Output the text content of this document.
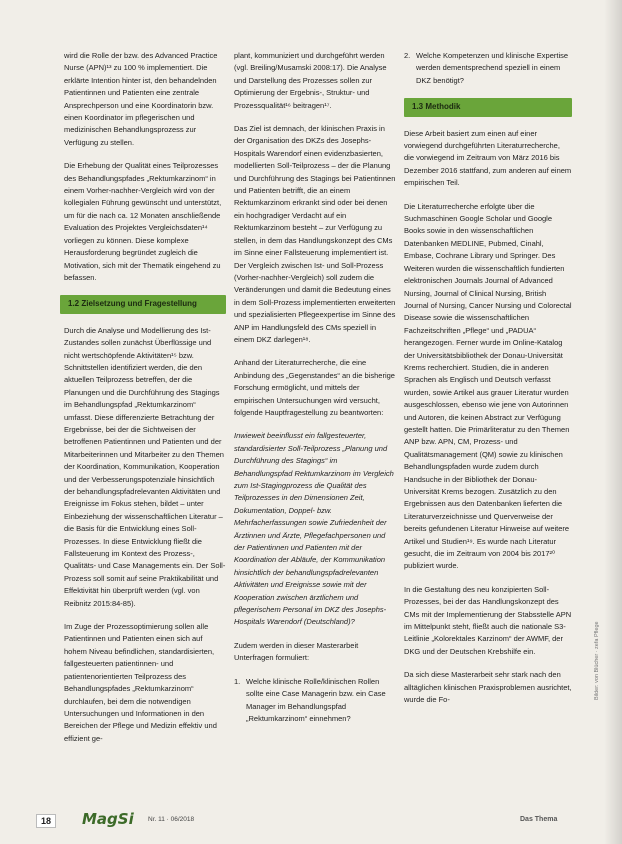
wird die Rolle der bzw. des Advanced Practice Nurse (APN)¹³ zu 100 % implementiert. Die erklärte Intention hinter ist, den behandelnden Patientinnen und Patienten eine zentrale Ansprechperson und eine Koordinatorin bzw. einen Koordinator im pflegerischen und medizinischen Behandlungsprozess zur Verfügung zu stellen.

Die Erhebung der Qualität eines Teilprozesses des Behandlungspfades „Rektumkarzinom“ in einem Vorher-nachher-Vergleich wird von der kollegialen Führung gewünscht und unterstützt, um für die nach ca. 12 Monaten anschließende Evaluation des Projektes Vergleichsdaten¹⁴ vorliegen zu können. Diese komplexe Herausforderung begründet zugleich die Motivation, sich mit der Thematik eingehend zu befassen.

1.2 Zielsetzung und Fragestellung

Durch die Analyse und Modellierung des Ist-Zustandes sollen zunächst Überflüssige und nicht wertschöpfende Aktivitäten¹⁵ bzw. Schnittstellen identifiziert werden, die den aktuellen Teilprozess betreffen, der die Planungen und die Durchführung des Stagings im Behandlungspfad „Rektumkarzinom“ umfasst. Diese differenzierte Betrachtung der Ergebnisse, bei der die Sichtweisen der betroffenen Patientinnen und Patienten und der Mitarbeiterinnen und Mitarbeiter zu den Themen der Koordination, Kommunikation, Kooperation und der Verbesserungspotenziale hinsichtlich der behandlungspfadrelevanten Aktivitäten und Ereignisse im Fokus stehen, bildet – unter Einbeziehung der wissenschaftlichen Literatur – die Basis für die Entwicklung eines Soll-Prozesses. In diese Entwicklung fließt die Fallsteuerung im Kontext des Prozess-, Qualitäts- und Case Managements ein. Der Soll-Prozess soll somit auf seine Praktikabilität und Effektivität hin überprüft werden (vgl. von Reibnitz 2015:84-85).

Im Zuge der Prozessoptimierung sollen alle Patientinnen und Patienten einen sich auf hohem Niveau befindlichen, standardisierten, fallgesteuerten patientinnen- und patientenorientierten Teilprozess des Behandlungspfades „Rektumkarzinom“ durchlaufen, bei dem die notwendigen Untersuchungen und Informationen in den Bereichen der Pflege und Medizin effektiv und effizient ge-

plant, kommuniziert und durchgeführt werden (vgl. Breiling/Musamski 2008:17). Die Analyse und Darstellung des Prozesses sollen zur Optimierung der Ergebnis-, Struktur- und Prozessqualität¹⁶ beitragen¹⁷.

Das Ziel ist demnach, der klinischen Praxis in der Organisation des DKZs des Josephs-Hospitals Warendorf einen evidenzbasierten, modellierten Soll-Teilprozess – der die Planung und Durchführung des Stagings bei Patientinnen und Patienten betrifft, die an einem Rektumkarzinom erkrankt sind oder bei denen ein hochgradiger Verdacht auf ein Rektumkarzinom besteht – zur Verfügung zu stellen, in dem das Handlungskonzept des CMs im Sinne einer Fallsteuerung implementiert ist. Der Vergleich zwischen Ist- und Soll-Prozess (Vorher-nachher-Vergleich) soll zudem die Veränderungen und damit die Bedeutung eines in dem Soll-Prozess implementierten erweiterten und spezialisierten Pflegeexpertise im Sinne des ANP im Handlungsfeld des CMs speziell in einem DKZ darlegen¹⁸.

Anhand der Literaturrecherche, die eine Anbindung des „Gegenstandes“ an die bisherige Forschung ermöglicht, und mittels der empirischen Untersuchungen wird versucht, folgende Hauptfragestellung zu beantworten:

Inwieweit beeinflusst ein fallgesteuerter, standardisierter Soll-Teilprozess „Planung und Durchführung des Stagings“ im Behandlungspfad Rektumkarzinom im Vergleich zum Ist-Stagingprozess die Qualität des Teilprozesses in den Dimensionen Zeit, Dokumentation, Doppel- bzw. Mehrfacherfassungen sowie Zufriedenheit der Ärztinnen und Ärzte, Pflegefachpersonen und der Patientinnen und Patienten mit der Koordination der Abläufe, der Kommunikation hinsichtlich der behandlungspfadrelevanten Aktivitäten und Ereignisse sowie mit der Kooperation zwischen ärztlichem und pflegerischem Personal im DKZ des Josephs-Hospitals Warendorf (Deutschland)?

Zudem werden in dieser Masterarbeit Unterfragen formuliert:

1. Welche klinische Rolle/klinischen Rollen sollte eine Case Managerin bzw. ein Case Manager im Behandlungspfad „Rektumkarzinom“ einnehmen?
2. Welche Kompetenzen und klinische Expertise werden dementsprechend speziell in einem DKZ benötigt?
1.3 Methodik

Diese Arbeit basiert zum einen auf einer vorwiegend durchgeführten Literaturrecherche, die vorwiegend im Zeitraum von März 2016 bis Dezember 2016 stattfand, zum anderen auf einem empirischen Teil.

Die Literaturrecherche erfolgte über die Suchmaschinen Google Scholar und Google Books sowie in den wissenschaftlichen Datenbanken MEDLINE, Pubmed, Cinahl, Embase, Cochrane Library und Springer. Des Weiteren wurden die wissenschaftlich fundierten elektronischen Journals Journal of Advanced Nursing, Journal of Clinical Nursing, British Journal of Nursing, Cancer Nursing und Colorectal Disease sowie die wissenschaftlichen Fachzeitschriften „Pflege“ und „PADUA“ herangezogen. Ferner wurde im Online-Katalog der Universitätsbibliothek der Donau-Universität Krems recherchiert. Studien, die in anderen Sprachen als Englisch und Deutsch verfasst wurden, sowie Artikel aus grauer Literatur wurden ausgeschlossen, ebenso wie jene von Autorinnen und Autoren, die keinen Abstract zur Verfügung gestellt hatten. Die Primärliteratur zu den Themen ANP bzw. APN, CM, Prozess- und Qualitätsmanagement (QM) sowie zu klinischen Behandlungspfaden wurde zudem durch Handsuche in der Bibliothek der Donau-Universität Krems bezogen. Zusätzlich zu den Ergebnissen aus den Datenbanken lieferten die Literaturverzeichnisse und Querverweise der bereits gefundenen Literatur Hinweise auf weitere Artikel und Studien¹⁹. Es wurde nach Literatur gesucht, die im Zeitraum von 2004 bis 2017²⁰ publiziert wurde.

In die Gestaltung des neu konzipierten Soll-Prozesses, bei der das Handlungskonzept des CMs mit der Implementierung der Stabsstelle APN im Mittelpunkt steht, fließt auch die nationale S3-Leitlinie „Kolorektales Karzinom“ der AWMF, der DKG und der Deutschen Krebshilfe ein.

Da sich diese Masterarbeit sehr stark nach den alltäglichen klinischen Praxisproblemen ausrichtet, wurde die Fo-	Bilder: von Blücher · zefa Pflege
18	MagSi Nr. 11 · 06/2018	Das Thema
